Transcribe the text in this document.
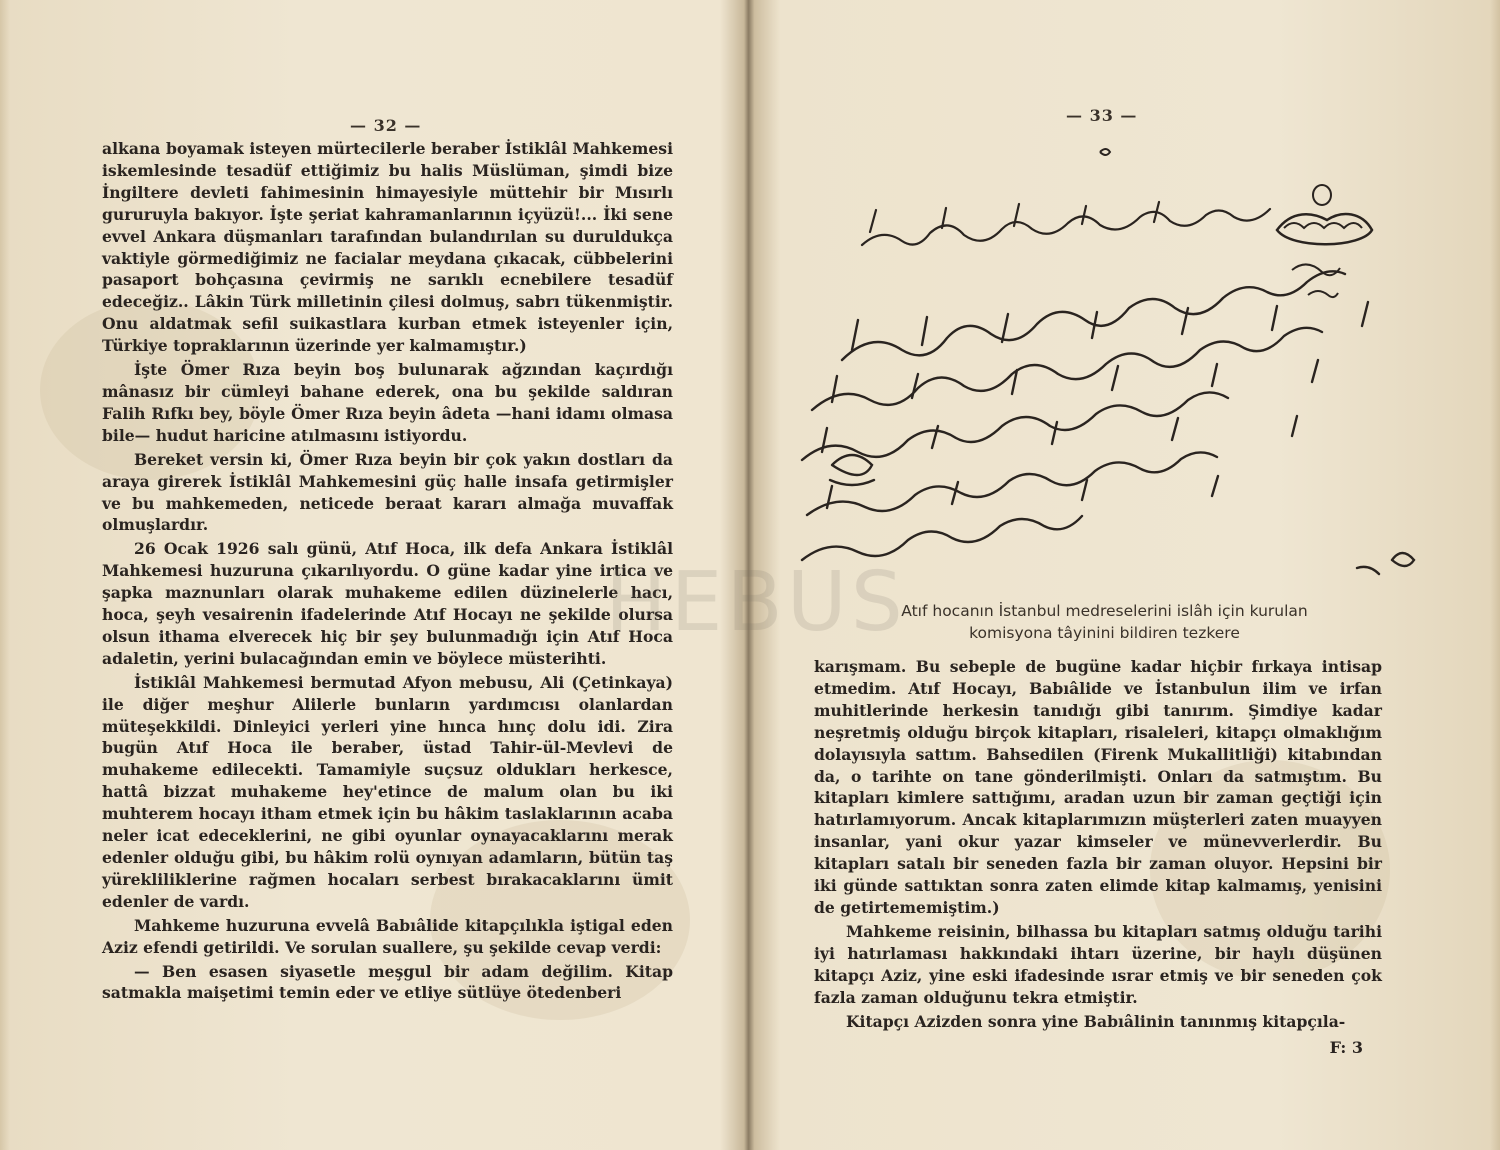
— 32 —

alkana boyamak isteyen mürtecilerle beraber İstiklâl Mahkemesi iskemlesinde tesadüf ettiğimiz bu halis Müslüman, şimdi bize İngiltere devleti fahimesinin himayesiyle müttehir bir Mısırlı gururuyla bakıyor. İşte şeriat kahramanlarının içyüzü!... İki sene evvel Ankara düşmanları tarafından bulandırılan su duruldukça vaktiyle görmediğimiz ne facialar meydana çıkacak, cübbelerini pasaport bohçasına çevirmiş ne sarıklı ecnebilere tesadüf edeceğiz.. Lâkin Türk milletinin çilesi dolmuş, sabrı tükenmiştir. Onu aldatmak sefil suikastlara kurban etmek isteyenler için, Türkiye topraklarının üzerinde yer kalmamıştır.)

İşte Ömer Rıza beyin boş bulunarak ağzından kaçırdığı mânasız bir cümleyi bahane ederek, ona bu şekilde saldıran Falih Rıfkı bey, böyle Ömer Rıza beyin âdeta —hani idamı olmasa bile— hudut haricine atılmasını istiyordu.

Bereket versin ki, Ömer Rıza beyin bir çok yakın dostları da araya girerek İstiklâl Mahkemesini güç halle insafa getirmişler ve bu mahkemeden, neticede beraat kararı almağa muvaffak olmuşlardır.

26 Ocak 1926 salı günü, Atıf Hoca, ilk defa Ankara İstiklâl Mahkemesi huzuruna çıkarılıyordu. O güne kadar yine irtica ve şapka maznunları olarak muhakeme edilen düzinelerle hacı, hoca, şeyh vesairenin ifadelerinde Atıf Hocayı ne şekilde olursa olsun ithama elverecek hiç bir şey bulunmadığı için Atıf Hoca adaletin, yerini bulacağından emin ve böylece müsterihti.

İstiklâl Mahkemesi bermutad Afyon mebusu, Ali (Çetinkaya) ile diğer meşhur Alilerle bunların yardımcısı olanlardan müteşekkildi. Dinleyici yerleri yine hınca hınç dolu idi. Zira bugün Atıf Hoca ile beraber, üstad Tahir-ül-Mevlevi de muhakeme edilecekti. Tamamiyle suçsuz oldukları herkesce, hattâ bizzat muhakeme hey'etince de malum olan bu iki muhterem hocayı itham etmek için bu hâkim taslaklarının acaba neler icat edeceklerini, ne gibi oyunlar oynayacaklarını merak edenler olduğu gibi, bu hâkim rolü oynıyan adamların, bütün taş yürekliliklerine rağmen hocaları serbest bırakacaklarını ümit edenler de vardı.

Mahkeme huzuruna evvelâ Babıâlide kitapçılıkla iştigal eden Aziz efendi getirildi. Ve sorulan suallere, şu şekilde cevap verdi:

— Ben esasen siyasetle meşgul bir adam değilim. Kitap satmakla maişetimi temin eder ve etliye sütlüye ötedenberi

— 33 —
Atıf hocanın İstanbul medreselerini islâh için kurulan
komisyona tâyinini bildiren tezkere

karışmam. Bu sebeple de bugüne kadar hiçbir fırkaya intisap etmedim. Atıf Hocayı, Babıâlide ve İstanbulun ilim ve irfan muhitlerinde herkesin tanıdığı gibi tanırım. Şimdiye kadar neşretmiş olduğu birçok kitapları, risaleleri, kitapçı olmaklığım dolayısıyla sattım. Bahsedilen (Firenk Mukallitliği) kitabından da, o tarihte on tane gönderilmişti. Onları da satmıştım. Bu kitapları kimlere sattığımı, aradan uzun bir zaman geçtiği için hatırlamıyorum. Ancak kitaplarımızın müşterleri zaten muayyen insanlar, yani okur yazar kimseler ve münevverlerdir. Bu kitapları satalı bir seneden fazla bir zaman oluyor. Hepsini bir iki günde sattıktan sonra zaten elimde kitap kalmamış, yenisini de getirtememiştim.)

Mahkeme reisinin, bilhassa bu kitapları satmış olduğu tarihi iyi hatırlaması hakkındaki ihtarı üzerine, bir haylı düşünen kitapçı Aziz, yine eski ifadesinde ısrar etmiş ve bir seneden çok fazla zaman olduğunu tekra etmiştir.

Kitapçı Azizden sonra yine Babıâlinin tanınmış kitapçıla-

F: 3
HEBUS
